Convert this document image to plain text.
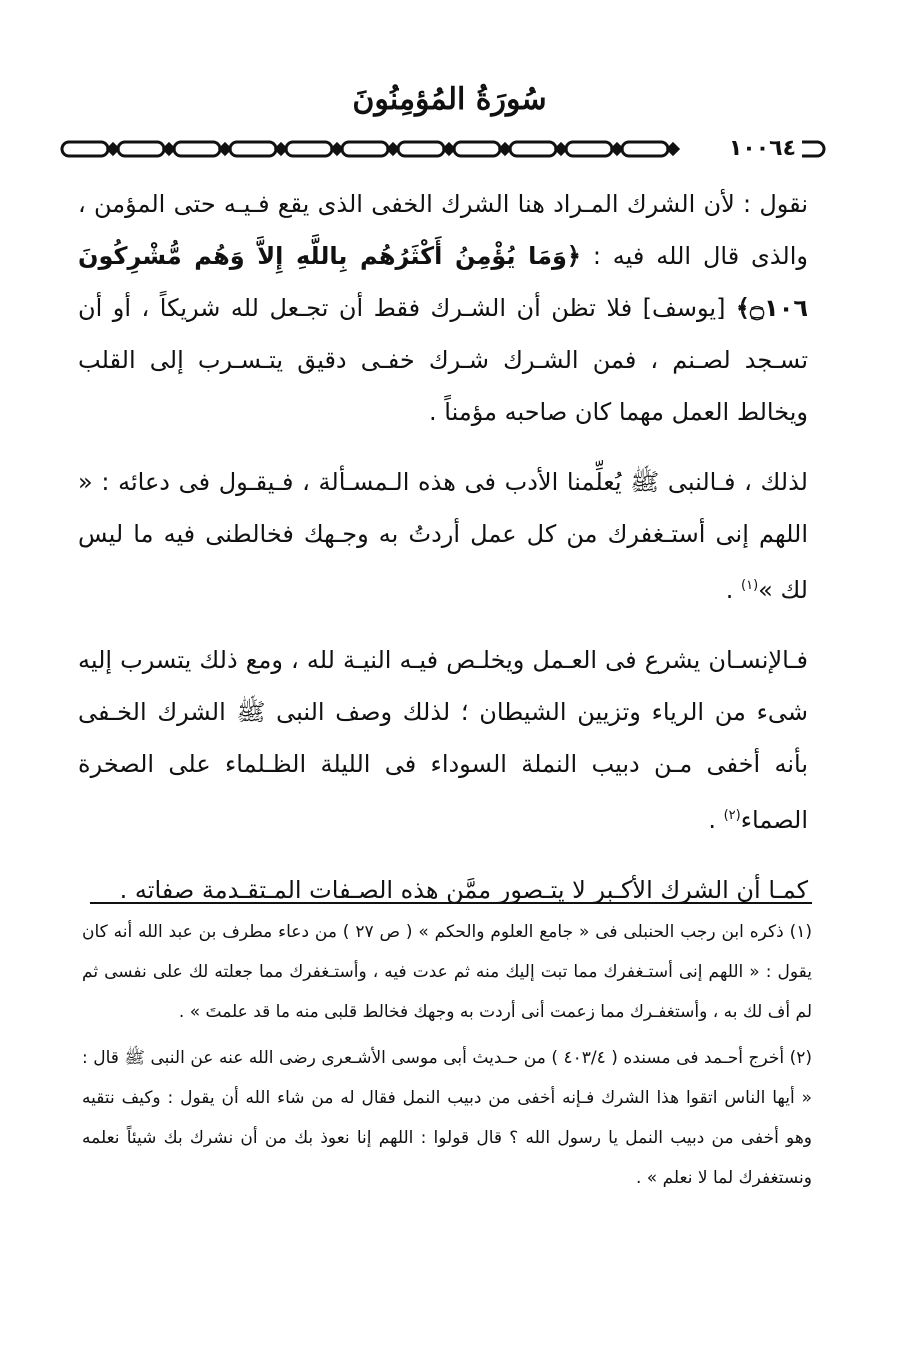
سُورَةُ المُؤمِنُونَ
١٠٠٦٤

نقول : لأن الشرك المـراد هنا الشرك الخفى الذى يقع فـيـه حتى المؤمن ، والذى قال الله فيه : ﴿وَمَا يُؤْمِنُ أَكْثَرُهُم بِاللَّهِ إِلاَّ وَهُم مُّشْرِكُونَ ۝١٠٦﴾ [يوسف] فلا تظن أن الشـرك فقط أن تجـعل لله شريكاً ، أو أن تسـجد لصـنم ، فمن الشـرك شـرك خفـى دقيق يتـسـرب إلى القلب ويخالط العمل مهما كان صاحبه مؤمناً .

لذلك ، فـالنبى ﷺ يُعلِّمنا الأدب فى هذه الـمسـألة ، فـيقـول فى دعائه : « اللهم إنى أستـغفرك من كل عمل أردتُ به وجـهك فخالطنى فيه ما ليس لك »$^{(١)}$ .

فـالإنسـان يشرع فى العـمل ويخلـص فيـه النيـة لله ، ومع ذلك يتسرب إليه شىء من الرياء وتزيين الشيطان ؛ لذلك وصف النبى ﷺ الشرك الخـفى بأنه أخفى مـن دبيب النملة السوداء فى الليلة الظـلماء على الصخرة الصماء$^{(٢)}$ .

كمـا أن الشرك الأكـبر لا يتـصور ممَّن هذه الصـفات المـتقـدمة صفاته .

(١) ذكره ابن رجب الحنبلى فى « جامع العلوم والحكم » ( ص ٢٧ ) من دعاء مطرف بن عبد الله أنه كان يقول : « اللهم إنى أستـغفرك مما تبت إليك منه ثم عدت فيه ، وأستـغفرك مما جعلته لك على نفسى ثم لم أف لك به ، وأستغفـرك مما زعمت أنى أردت به وجهك فخالط قلبى منه ما قد علمتَ » .

(٢) أخرج أحـمد فى مسنده ( ٤٠٣/٤ ) من حـديث أبى موسى الأشـعرى رضى الله عنه عن النبى ﷺ قال : « أيها الناس اتقوا هذا الشرك فـإنه أخفى من دبيب النمل فقال له من شاء الله أن يقول : وكيف نتقيه وهو أخفى من دبيب النمل يا رسول الله ؟ قال قولوا : اللهم إنا نعوذ بك من أن نشرك بك شيئاً نعلمه ونستغفرك لما لا نعلم » .
